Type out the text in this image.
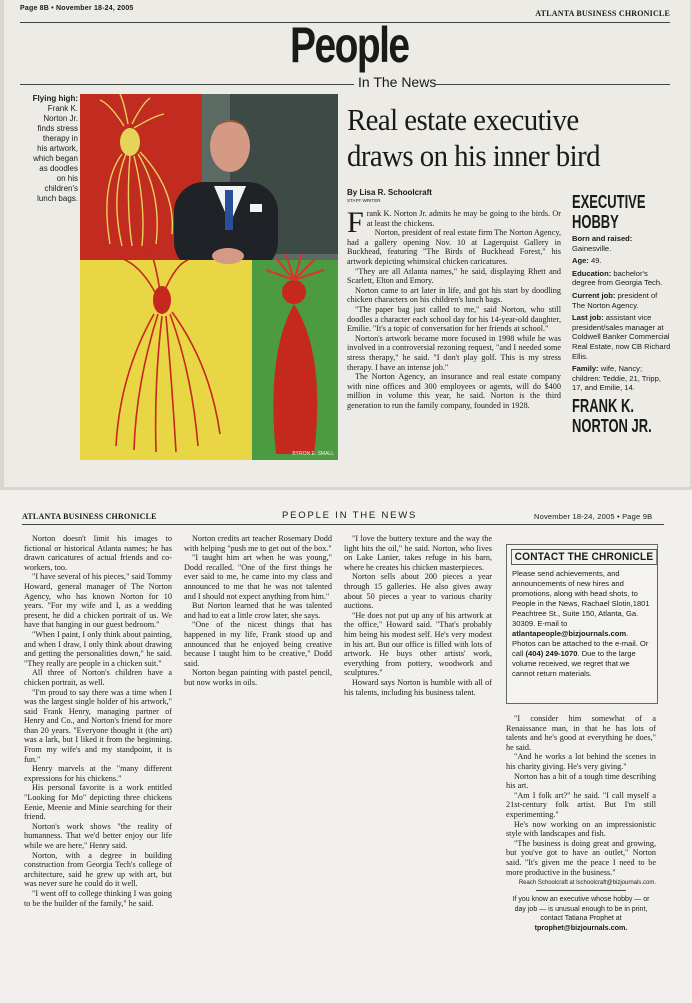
Page 8B • November 18-24, 2005
ATLANTA BUSINESS CHRONICLE
People
In The News
Flying high:
Frank K.
Norton Jr.
finds stress
therapy in
his artwork,
which began
as doodles
on his
children's
lunch bags.
BYRON E. SMALL
Real estate executive
draws on his inner bird
By Lisa R. Schoolcraft
STAFF WRITER
F rank K. Norton Jr. admits he may be going to the birds. Or at least the chickens.

Norton, president of real estate firm The Norton Agency, had a gallery opening Nov. 10 at Lagerquist Gallery in Buckhead, featuring "The Birds of Buckhead Forest," his artwork depicting whimsical chicken caricatures.

"They are all Atlanta names," he said, displaying Rhett and Scarlett, Elton and Emory.

Norton came to art later in life, and got his start by doodling chicken characters on his children's lunch bags.

"The paper bag just called to me," said Norton, who still doodles a character each school day for his 14-year-old daughter, Emilie. "It's a topic of conversation for her friends at school."

Norton's artwork became more focused in 1998 while he was involved in a controversial rezoning request, "and I needed some stress therapy," he said. "I don't play golf. This is my stress therapy. I have an intense job."

The Norton Agency, an insurance and real estate company with nine offices and 300 employees or agents, will do $400 million in volume this year, he said. Norton is the third generation to run the family company, founded in 1928.

EXECUTIVE
HOBBY
Born and raised: Gainesville.
Age: 49.
Education: bachelor's degree from Georgia Tech.
Current job: president of The Norton Agency.
Last job: assistant vice president/sales manager at Coldwell Banker Commercial Real Estate, now CB Richard Ellis.
Family: wife, Nancy; children: Teddie, 21, Tripp, 17, and Emilie, 14.
FRANK K.
NORTON JR.
ATLANTA BUSINESS CHRONICLE	PEOPLE IN THE NEWS	November 18-24, 2005 • Page 9B

Norton doesn't limit his images to fictional or historical Atlanta names; he has drawn caricatures of actual friends and co-workers, too.

"I have several of his pieces," said Tommy Howard, general manager of The Norton Agency, who has known Norton for 10 years. "For my wife and I, as a wedding present, he did a chicken portrait of us. We have that hanging in our guest bedroom."

"When I paint, I only think about painting, and when I draw, I only think about drawing and getting the personalities down," he said. "They really are people in a chicken suit."

All three of Norton's children have a chicken portrait, as well.

"I'm proud to say there was a time when I was the largest single holder of his artwork," said Frank Henry, managing partner of Henry and Co., and Norton's friend for more than 20 years. "Everyone thought it (the art) was a lark, but I liked it from the beginning. From my wife's and my standpoint, it is fun."

Henry marvels at the "many different expressions for his chickens."

His personal favorite is a work entitled "Looking for Mo" depicting three chickens Eenie, Meenie and Minie searching for their friend.

Norton's work shows "the reality of humanness. That we'd better enjoy our life while we are here," Henry said.

Norton, with a degree in building construction from Georgia Tech's college of architecture, said he grew up with art, but was never sure he could do it well.

"I went off to college thinking I was going to be the builder of the family," he said.

Norton credits art teacher Rosemary Dodd with helping "push me to get out of the box."

"I taught him art when he was young," Dodd recalled. "One of the first things he ever said to me, he came into my class and announced to me that he was not talented and I should not expect anything from him."

But Norton learned that he was talented and had to eat a little crow later, she says.

"One of the nicest things that has happened in my life, Frank stood up and announced that he enjoyed being creative because I taught him to be creative," Dodd said.

Norton began painting with pastel pencil, but now works in oils.

"I love the buttery texture and the way the light hits the oil," he said. Norton, who lives on Lake Lanier, takes refuge in his barn, where he creates his chicken masterpieces.

Norton sells about 200 pieces a year through 15 galleries. He also gives away about 50 pieces a year to various charity auctions.

"He does not put up any of his artwork at the office," Howard said. "That's probably him being his modest self. He's very modest in his art. But our office is filled with lots of artwork. He buys other artists' work, everything from pottery, woodwork and sculptures."

Howard says Norton is humble with all of his talents, including his business talent.

CONTACT THE CHRONICLE
Please send achievements, and announcements of new hires and promotions, along with head shots, to People in the News, Rachael Slotin,1801 Peachtree St., Suite 150, Atlanta, Ga. 30309. E-mail to atlantapeople@bizjournals.com. Photos can be attached to the e-mail. Or call (404) 249-1070. Due to the large volume received, we regret that we cannot return materials.

"I consider him somewhat of a Renaissance man, in that he has lots of talents and he's good at everything he does," he said.

"And he works a lot behind the scenes in his charity giving. He's very giving."

Norton has a bit of a tough time describing his art.

"Am I folk art?" he said. "I call myself a 21st-century folk artist. But I'm still experimenting."

He's now working on an impressionistic style with landscapes and fish.

"The business is doing great and growing, but you've got to have an outlet," Norton said. "It's given me the peace I need to be more productive in the business."

Reach Schoolcraft at lschoolcraft@bizjournals.com.
If you know an executive whose hobby — or day job — is unusual enough to be in print, contact Tatiana Prophet at
tprophet@bizjournals.com.
